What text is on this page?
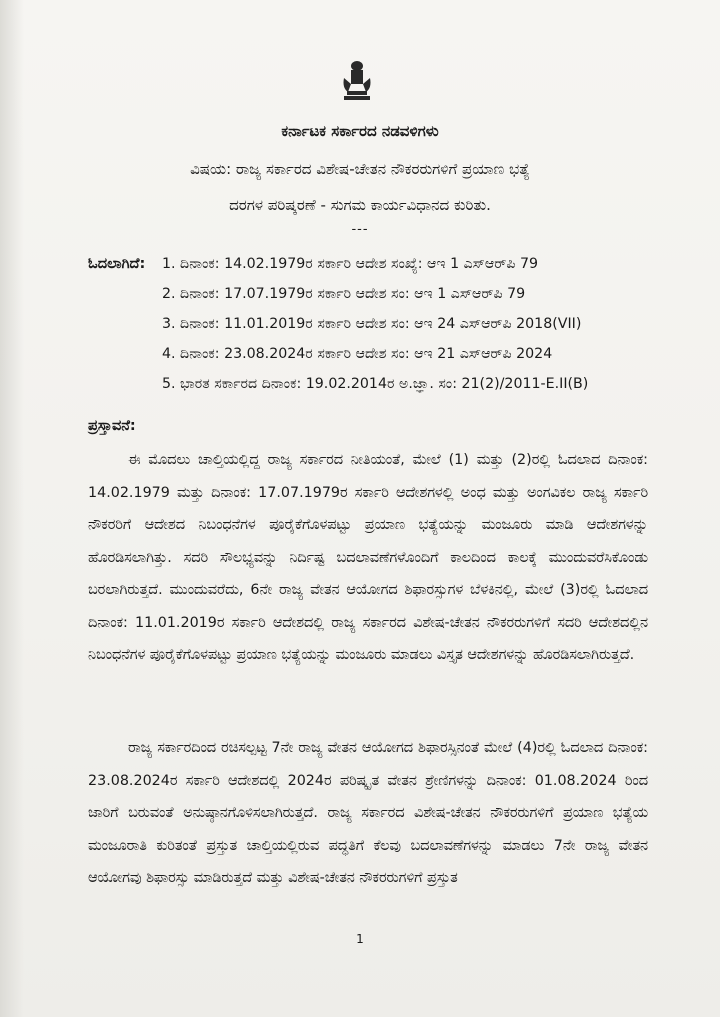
ಕರ್ನಾಟಕ ಸರ್ಕಾರದ ನಡವಳಿಗಳು
ವಿಷಯ: ರಾಜ್ಯ ಸರ್ಕಾರದ ವಿಶೇಷ-ಚೇತನ ನೌಕರರುಗಳಿಗೆ ಪ್ರಯಾಣ ಭತ್ಯೆ
ದರಗಳ ಪರಿಷ್ಕರಣೆ - ಸುಗಮ ಕಾರ್ಯವಿಧಾನದ ಕುರಿತು.
---
ಓದಲಾಗಿದೆ: 1. ದಿನಾಂಕ: 14.02.1979ರ ಸರ್ಕಾರಿ ಆದೇಶ ಸಂಖ್ಯೆ: ಆಇ 1 ಎಸ್‌ಆರ್‌ಪಿ 79
2. ದಿನಾಂಕ: 17.07.1979ರ ಸರ್ಕಾರಿ ಆದೇಶ ಸಂ: ಆಇ 1 ಎಸ್‌ಆರ್‌ಪಿ 79
3. ದಿನಾಂಕ: 11.01.2019ರ ಸರ್ಕಾರಿ ಆದೇಶ ಸಂ: ಆಇ 24 ಎಸ್‌ಆರ್‌ಪಿ 2018(VII)
4. ದಿನಾಂಕ: 23.08.2024ರ ಸರ್ಕಾರಿ ಆದೇಶ ಸಂ: ಆಇ 21 ಎಸ್‌ಆರ್‌ಪಿ 2024
5. ಭಾರತ ಸರ್ಕಾರದ ದಿನಾಂಕ: 19.02.2014ರ ಅ.ಜ್ಞಾ. ಸಂ: 21(2)/2011-E.II(B)
ಪ್ರಸ್ತಾವನೆ:
ಈ ಮೊದಲು ಚಾಲ್ತಿಯಲ್ಲಿದ್ದ ರಾಜ್ಯ ಸರ್ಕಾರದ ನೀತಿಯಂತೆ, ಮೇಲೆ (1) ಮತ್ತು (2)ರಲ್ಲಿ ಓದಲಾದ ದಿನಾಂಕ: 14.02.1979 ಮತ್ತು ದಿನಾಂಕ: 17.07.1979ರ ಸರ್ಕಾರಿ ಆದೇಶಗಳಲ್ಲಿ ಅಂಧ ಮತ್ತು ಅಂಗವಿಕಲ ರಾಜ್ಯ ಸರ್ಕಾರಿ ನೌಕರರಿಗೆ ಆದೇಶದ ನಿಬಂಧನೆಗಳ ಪೂರೈಕೆಗೊಳಪಟ್ಟು ಪ್ರಯಾಣ ಭತ್ಯೆಯನ್ನು ಮಂಜೂರು ಮಾಡಿ ಆದೇಶಗಳನ್ನು ಹೊರಡಿಸಲಾಗಿತ್ತು. ಸದರಿ ಸೌಲಭ್ಯವನ್ನು ನಿರ್ದಿಷ್ಟ ಬದಲಾವಣೆಗಳೊಂದಿಗೆ ಕಾಲದಿಂದ ಕಾಲಕ್ಕೆ ಮುಂದುವರೆಸಿಕೊಂಡು ಬರಲಾಗಿರುತ್ತದೆ. ಮುಂದುವರೆದು, 6ನೇ ರಾಜ್ಯ ವೇತನ ಆಯೋಗದ ಶಿಫಾರಸ್ಸುಗಳ ಬೆಳಕಿನಲ್ಲಿ, ಮೇಲೆ (3)ರಲ್ಲಿ ಓದಲಾದ ದಿನಾಂಕ: 11.01.2019ರ ಸರ್ಕಾರಿ ಆದೇಶದಲ್ಲಿ ರಾಜ್ಯ ಸರ್ಕಾರದ ವಿಶೇಷ-ಚೇತನ ನೌಕರರುಗಳಿಗೆ ಸದರಿ ಆದೇಶದಲ್ಲಿನ ನಿಬಂಧನೆಗಳ ಪೂರೈಕೆಗೊಳಪಟ್ಟು ಪ್ರಯಾಣ ಭತ್ಯೆಯನ್ನು ಮಂಜೂರು ಮಾಡಲು ವಿಸ್ತೃತ ಆದೇಶಗಳನ್ನು ಹೊರಡಿಸಲಾಗಿರುತ್ತದೆ.
ರಾಜ್ಯ ಸರ್ಕಾರದಿಂದ ರಚಿಸಲ್ಪಟ್ಟ 7ನೇ ರಾಜ್ಯ ವೇತನ ಆಯೋಗದ ಶಿಫಾರಸ್ಸಿನಂತೆ ಮೇಲೆ (4)ರಲ್ಲಿ ಓದಲಾದ ದಿನಾಂಕ: 23.08.2024ರ ಸರ್ಕಾರಿ ಆದೇಶದಲ್ಲಿ 2024ರ ಪರಿಷ್ಕೃತ ವೇತನ ಶ್ರೇಣಿಗಳನ್ನು ದಿನಾಂಕ: 01.08.2024 ರಿಂದ ಜಾರಿಗೆ ಬರುವಂತೆ ಅನುಷ್ಠಾನಗೊಳಿಸಲಾಗಿರುತ್ತದೆ. ರಾಜ್ಯ ಸರ್ಕಾರದ ವಿಶೇಷ-ಚೇತನ ನೌಕರರುಗಳಿಗೆ ಪ್ರಯಾಣ ಭತ್ಯೆಯ ಮಂಜೂರಾತಿ ಕುರಿತಂತೆ ಪ್ರಸ್ತುತ ಚಾಲ್ತಿಯಲ್ಲಿರುವ ಪದ್ಧತಿಗೆ ಕೆಲವು ಬದಲಾವಣೆಗಳನ್ನು ಮಾಡಲು 7ನೇ ರಾಜ್ಯ ವೇತನ ಆಯೋಗವು ಶಿಫಾರಸ್ಸು ಮಾಡಿರುತ್ತದೆ ಮತ್ತು ವಿಶೇಷ-ಚೇತನ ನೌಕರರುಗಳಿಗೆ ಪ್ರಸ್ತುತ
1
